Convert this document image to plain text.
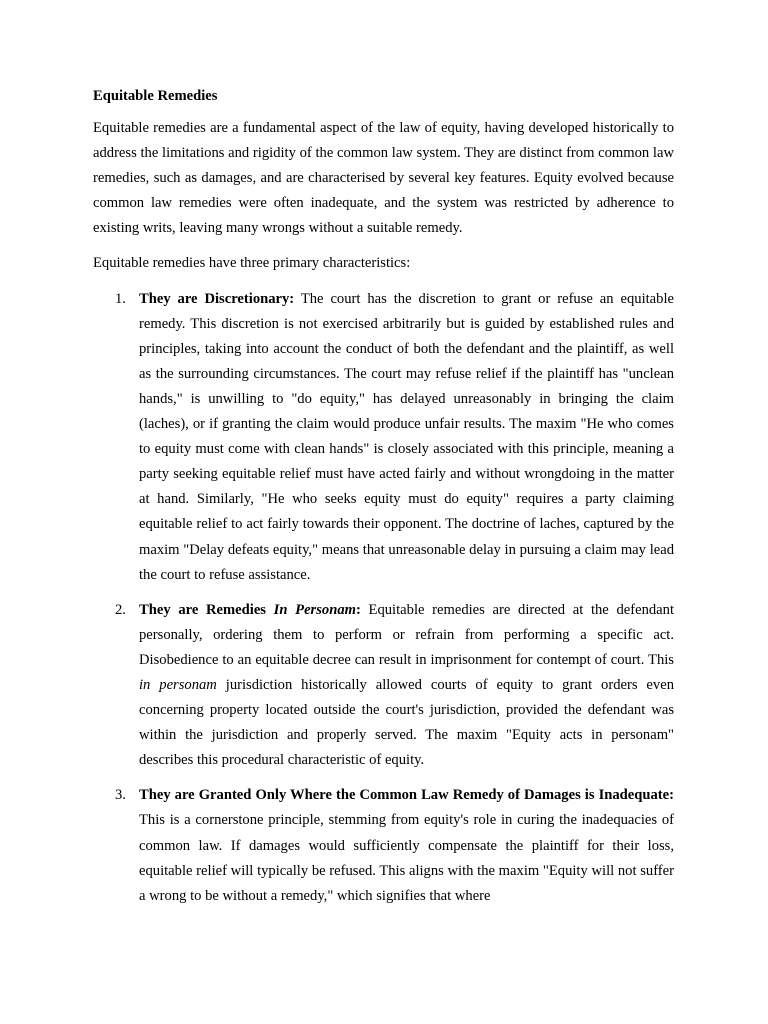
Equitable Remedies

Equitable remedies are a fundamental aspect of the law of equity, having developed historically to address the limitations and rigidity of the common law system. They are distinct from common law remedies, such as damages, and are characterised by several key features. Equity evolved because common law remedies were often inadequate, and the system was restricted by adherence to existing writs, leaving many wrongs without a suitable remedy.

Equitable remedies have three primary characteristics:

1. They are Discretionary: The court has the discretion to grant or refuse an equitable remedy. This discretion is not exercised arbitrarily but is guided by established rules and principles, taking into account the conduct of both the defendant and the plaintiff, as well as the surrounding circumstances. The court may refuse relief if the plaintiff has "unclean hands," is unwilling to "do equity," has delayed unreasonably in bringing the claim (laches), or if granting the claim would produce unfair results. The maxim "He who comes to equity must come with clean hands" is closely associated with this principle, meaning a party seeking equitable relief must have acted fairly and without wrongdoing in the matter at hand. Similarly, "He who seeks equity must do equity" requires a party claiming equitable relief to act fairly towards their opponent. The doctrine of laches, captured by the maxim "Delay defeats equity," means that unreasonable delay in pursuing a claim may lead the court to refuse assistance.
2. They are Remedies In Personam: Equitable remedies are directed at the defendant personally, ordering them to perform or refrain from performing a specific act. Disobedience to an equitable decree can result in imprisonment for contempt of court. This in personam jurisdiction historically allowed courts of equity to grant orders even concerning property located outside the court's jurisdiction, provided the defendant was within the jurisdiction and properly served. The maxim "Equity acts in personam" describes this procedural characteristic of equity.
3. They are Granted Only Where the Common Law Remedy of Damages is Inadequate: This is a cornerstone principle, stemming from equity's role in curing the inadequacies of common law. If damages would sufficiently compensate the plaintiff for their loss, equitable relief will typically be refused. This aligns with the maxim "Equity will not suffer a wrong to be without a remedy," which signifies that where
